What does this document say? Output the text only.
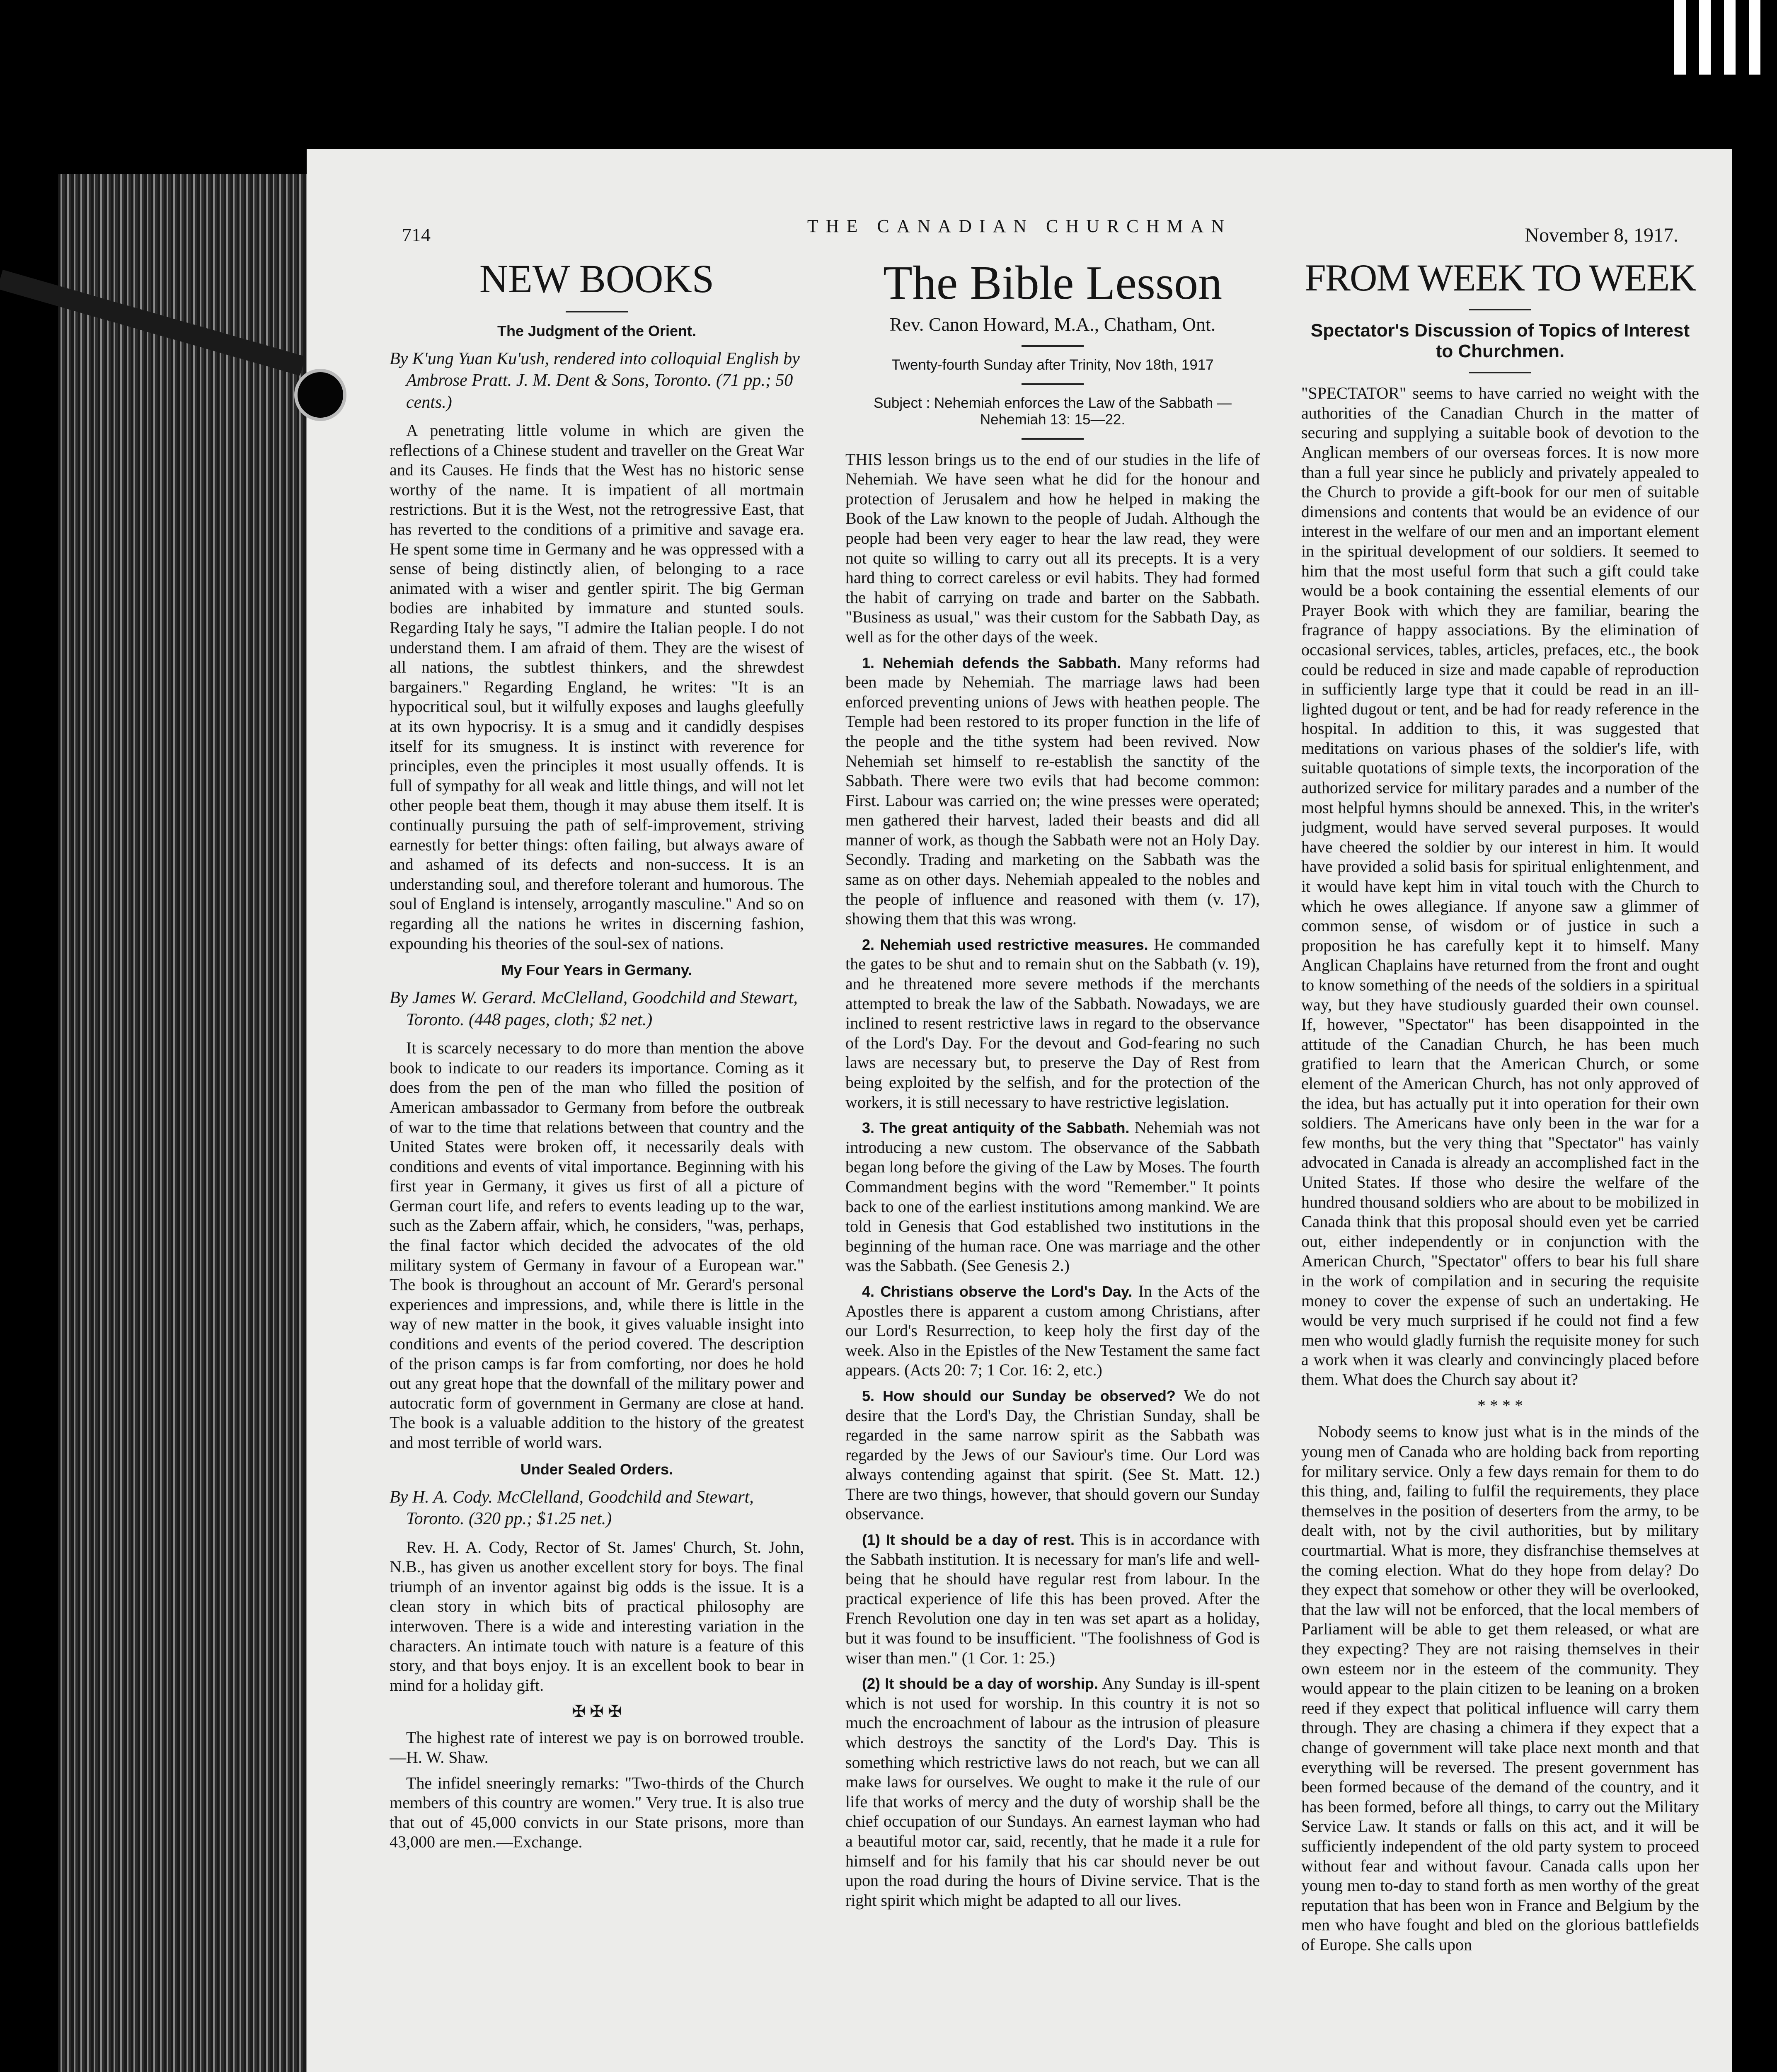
714	THE CANADIAN CHURCHMAN	November 8, 1917.
NEW BOOKS
The Judgment of the Orient.
By K'ung Yuan Ku'ush, rendered into colloquial English by Ambrose Pratt. J. M. Dent & Sons, Toronto. (71 pp.; 50 cents.)

A penetrating little volume in which are given the reflections of a Chinese student and traveller on the Great War and its Causes. He finds that the West has no historic sense worthy of the name. It is impatient of all mortmain restrictions. But it is the West, not the retrogressive East, that has reverted to the conditions of a primitive and savage era. He spent some time in Germany and he was oppressed with a sense of being distinctly alien, of belonging to a race animated with a wiser and gentler spirit. The big German bodies are inhabited by immature and stunted souls. Regarding Italy he says, "I admire the Italian people. I do not understand them. I am afraid of them. They are the wisest of all nations, the subtlest thinkers, and the shrewdest bargainers." Regarding England, he writes: "It is an hypocritical soul, but it wilfully exposes and laughs gleefully at its own hypocrisy. It is a smug and it candidly despises itself for its smugness. It is instinct with reverence for principles, even the principles it most usually offends. It is full of sympathy for all weak and little things, and will not let other people beat them, though it may abuse them itself. It is continually pursuing the path of self-improvement, striving earnestly for better things: often failing, but always aware of and ashamed of its defects and non-success. It is an understanding soul, and therefore tolerant and humorous. The soul of England is intensely, arrogantly masculine." And so on regarding all the nations he writes in discerning fashion, expounding his theories of the soul-sex of nations.

My Four Years in Germany.
By James W. Gerard. McClelland, Goodchild and Stewart, Toronto. (448 pages, cloth; $2 net.)

It is scarcely necessary to do more than mention the above book to indicate to our readers its importance. Coming as it does from the pen of the man who filled the position of American ambassador to Germany from before the outbreak of war to the time that relations between that country and the United States were broken off, it necessarily deals with conditions and events of vital importance. Beginning with his first year in Germany, it gives us first of all a picture of German court life, and refers to events leading up to the war, such as the Zabern affair, which, he considers, "was, perhaps, the final factor which decided the advocates of the old military system of Germany in favour of a European war." The book is throughout an account of Mr. Gerard's personal experiences and impressions, and, while there is little in the way of new matter in the book, it gives valuable insight into conditions and events of the period covered. The description of the prison camps is far from comforting, nor does he hold out any great hope that the downfall of the military power and autocratic form of government in Germany are close at hand. The book is a valuable addition to the history of the greatest and most terrible of world wars.

Under Sealed Orders.
By H. A. Cody. McClelland, Goodchild and Stewart, Toronto. (320 pp.; $1.25 net.)

Rev. H. A. Cody, Rector of St. James' Church, St. John, N.B., has given us another excellent story for boys. The final triumph of an inventor against big odds is the issue. It is a clean story in which bits of practical philosophy are interwoven. There is a wide and interesting variation in the characters. An intimate touch with nature is a feature of this story, and that boys enjoy. It is an excellent book to bear in mind for a holiday gift.

✠ ✠ ✠

The highest rate of interest we pay is on borrowed trouble.—H. W. Shaw.

The infidel sneeringly remarks: "Two-thirds of the Church members of this country are women." Very true. It is also true that out of 45,000 convicts in our State prisons, more than 43,000 are men.—Exchange.

The Bible Lesson
Rev. Canon Howard, M.A., Chatham, Ont.
Twenty-fourth Sunday after Trinity, Nov 18th, 1917
Subject : Nehemiah enforces the Law of the Sabbath —Nehemiah 13: 15—22.

THIS lesson brings us to the end of our studies in the life of Nehemiah. We have seen what he did for the honour and protection of Jerusalem and how he helped in making the Book of the Law known to the people of Judah. Although the people had been very eager to hear the law read, they were not quite so willing to carry out all its precepts. It is a very hard thing to correct careless or evil habits. They had formed the habit of carrying on trade and barter on the Sabbath. "Business as usual," was their custom for the Sabbath Day, as well as for the other days of the week.

1. Nehemiah defends the Sabbath. Many reforms had been made by Nehemiah. The marriage laws had been enforced preventing unions of Jews with heathen people. The Temple had been restored to its proper function in the life of the people and the tithe system had been revived. Now Nehemiah set himself to re-establish the sanctity of the Sabbath. There were two evils that had become common: First. Labour was carried on; the wine presses were operated; men gathered their harvest, laded their beasts and did all manner of work, as though the Sabbath were not an Holy Day. Secondly. Trading and marketing on the Sabbath was the same as on other days. Nehemiah appealed to the nobles and the people of influence and reasoned with them (v. 17), showing them that this was wrong.

2. Nehemiah used restrictive measures. He commanded the gates to be shut and to remain shut on the Sabbath (v. 19), and he threatened more severe methods if the merchants attempted to break the law of the Sabbath. Nowadays, we are inclined to resent restrictive laws in regard to the observance of the Lord's Day. For the devout and God-fearing no such laws are necessary but, to preserve the Day of Rest from being exploited by the selfish, and for the protection of the workers, it is still necessary to have restrictive legislation.

3. The great antiquity of the Sabbath. Nehemiah was not introducing a new custom. The observance of the Sabbath began long before the giving of the Law by Moses. The fourth Commandment begins with the word "Remember." It points back to one of the earliest institutions among mankind. We are told in Genesis that God established two institutions in the beginning of the human race. One was marriage and the other was the Sabbath. (See Genesis 2.)

4. Christians observe the Lord's Day. In the Acts of the Apostles there is apparent a custom among Christians, after our Lord's Resurrection, to keep holy the first day of the week. Also in the Epistles of the New Testament the same fact appears. (Acts 20: 7; 1 Cor. 16: 2, etc.)

5. How should our Sunday be observed? We do not desire that the Lord's Day, the Christian Sunday, shall be regarded in the same narrow spirit as the Sabbath was regarded by the Jews of our Saviour's time. Our Lord was always contending against that spirit. (See St. Matt. 12.) There are two things, however, that should govern our Sunday observance.

(1) It should be a day of rest. This is in accordance with the Sabbath institution. It is necessary for man's life and well-being that he should have regular rest from labour. In the practical experience of life this has been proved. After the French Revolution one day in ten was set apart as a holiday, but it was found to be insufficient. "The foolishness of God is wiser than men." (1 Cor. 1: 25.)

(2) It should be a day of worship. Any Sunday is ill-spent which is not used for worship. In this country it is not so much the encroachment of labour as the intrusion of pleasure which destroys the sanctity of the Lord's Day. This is something which restrictive laws do not reach, but we can all make laws for ourselves. We ought to make it the rule of our life that works of mercy and the duty of worship shall be the chief occupation of our Sundays. An earnest layman who had a beautiful motor car, said, recently, that he made it a rule for himself and for his family that his car should never be out upon the road during the hours of Divine service. That is the right spirit which might be adapted to all our lives.

FROM WEEK TO WEEK
Spectator's Discussion of Topics of Interest to Churchmen.

"SPECTATOR" seems to have carried no weight with the authorities of the Canadian Church in the matter of securing and supplying a suitable book of devotion to the Anglican members of our overseas forces. It is now more than a full year since he publicly and privately appealed to the Church to provide a gift-book for our men of suitable dimensions and contents that would be an evidence of our interest in the welfare of our men and an important element in the spiritual development of our soldiers. It seemed to him that the most useful form that such a gift could take would be a book containing the essential elements of our Prayer Book with which they are familiar, bearing the fragrance of happy associations. By the elimination of occasional services, tables, articles, prefaces, etc., the book could be reduced in size and made capable of reproduction in sufficiently large type that it could be read in an ill-lighted dugout or tent, and be had for ready reference in the hospital. In addition to this, it was suggested that meditations on various phases of the soldier's life, with suitable quotations of simple texts, the incorporation of the authorized service for military parades and a number of the most helpful hymns should be annexed. This, in the writer's judgment, would have served several purposes. It would have cheered the soldier by our interest in him. It would have provided a solid basis for spiritual enlightenment, and it would have kept him in vital touch with the Church to which he owes allegiance. If anyone saw a glimmer of common sense, of wisdom or of justice in such a proposition he has carefully kept it to himself. Many Anglican Chaplains have returned from the front and ought to know something of the needs of the soldiers in a spiritual way, but they have studiously guarded their own counsel. If, however, "Spectator" has been disappointed in the attitude of the Canadian Church, he has been much gratified to learn that the American Church, or some element of the American Church, has not only approved of the idea, but has actually put it into operation for their own soldiers. The Americans have only been in the war for a few months, but the very thing that "Spectator" has vainly advocated in Canada is already an accomplished fact in the United States. If those who desire the welfare of the hundred thousand soldiers who are about to be mobilized in Canada think that this proposal should even yet be carried out, either independently or in conjunction with the American Church, "Spectator" offers to bear his full share in the work of compilation and in securing the requisite money to cover the expense of such an undertaking. He would be very much surprised if he could not find a few men who would gladly furnish the requisite money for such a work when it was clearly and convincingly placed before them. What does the Church say about it?

* * * *

Nobody seems to know just what is in the minds of the young men of Canada who are holding back from reporting for military service. Only a few days remain for them to do this thing, and, failing to fulfil the requirements, they place themselves in the position of deserters from the army, to be dealt with, not by the civil authorities, but by military courtmartial. What is more, they disfranchise themselves at the coming election. What do they hope from delay? Do they expect that somehow or other they will be overlooked, that the law will not be enforced, that the local members of Parliament will be able to get them released, or what are they expecting? They are not raising themselves in their own esteem nor in the esteem of the community. They would appear to the plain citizen to be leaning on a broken reed if they expect that political influence will carry them through. They are chasing a chimera if they expect that a change of government will take place next month and that everything will be reversed. The present government has been formed because of the demand of the country, and it has been formed, before all things, to carry out the Military Service Law. It stands or falls on this act, and it will be sufficiently independent of the old party system to proceed without fear and without favour. Canada calls upon her young men to-day to stand forth as men worthy of the great reputation that has been won in France and Belgium by the men who have fought and bled on the glorious battlefields of Europe. She calls upon
